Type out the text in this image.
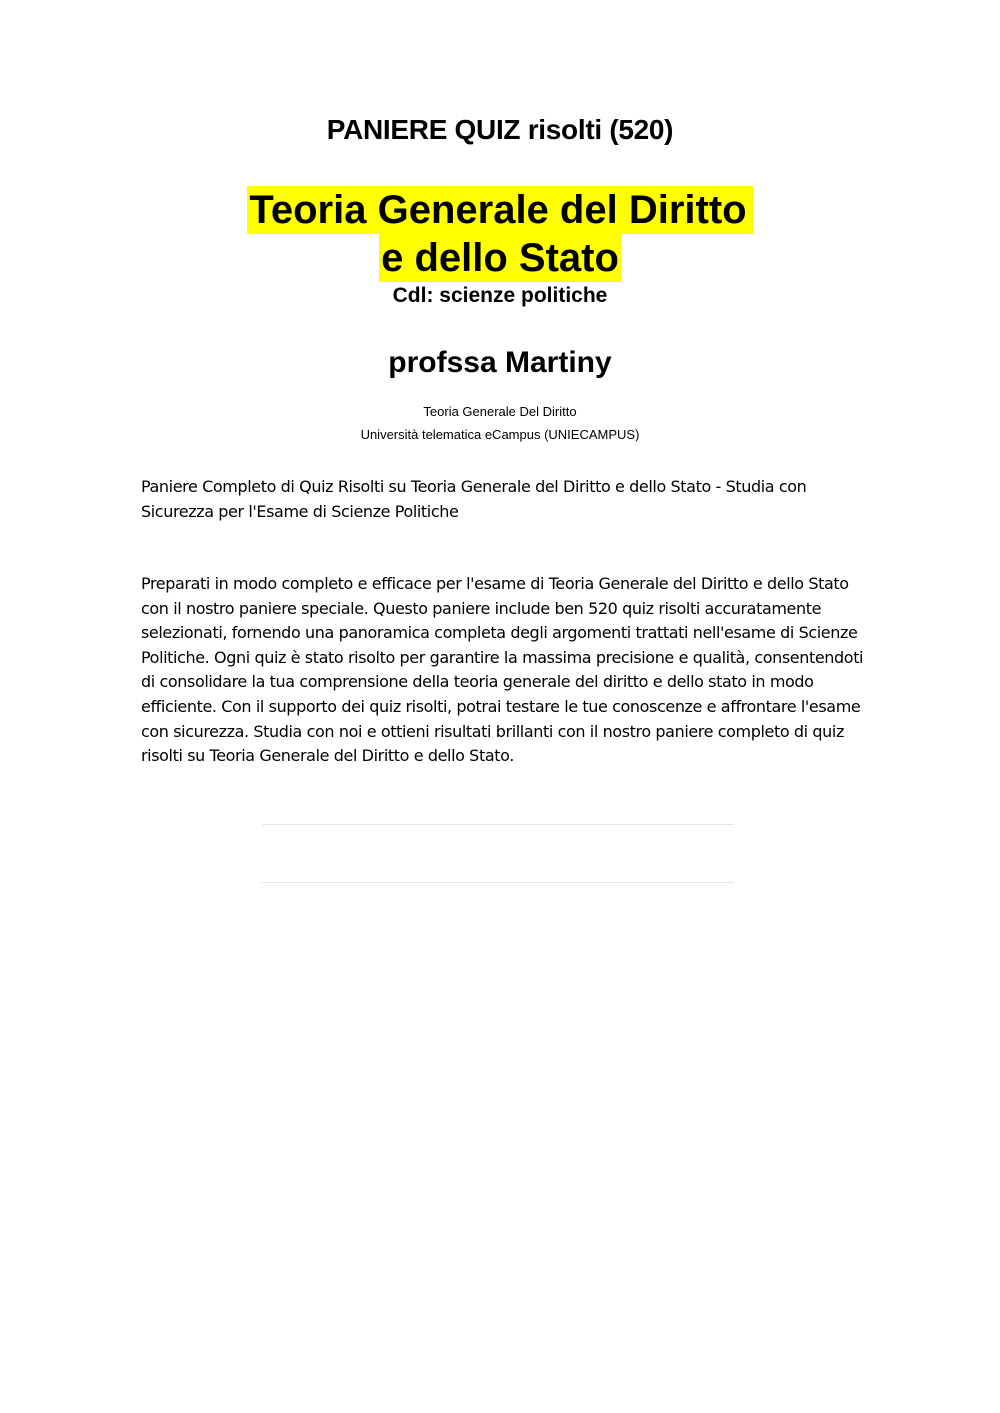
PANIERE QUIZ risolti (520)
Teoria Generale del Diritto
e dello Stato
Cdl: scienze politiche
profssa Martiny
Teoria Generale Del Diritto
Università telematica eCampus (UNIECAMPUS)
Paniere Completo di Quiz Risolti su Teoria Generale del Diritto e dello Stato - Studia con Sicurezza per l'Esame di Scienze Politiche
Preparati in modo completo e efficace per l'esame di Teoria Generale del Diritto e dello Stato con il nostro paniere speciale. Questo paniere include ben 520 quiz risolti accuratamente selezionati, fornendo una panoramica completa degli argomenti trattati nell'esame di Scienze Politiche. Ogni quiz è stato risolto per garantire la massima precisione e qualità, consentendoti di consolidare la tua comprensione della teoria generale del diritto e dello stato in modo efficiente. Con il supporto dei quiz risolti, potrai testare le tue conoscenze e affrontare l'esame con sicurezza. Studia con noi e ottieni risultati brillanti con il nostro paniere completo di quiz risolti su Teoria Generale del Diritto e dello Stato.
